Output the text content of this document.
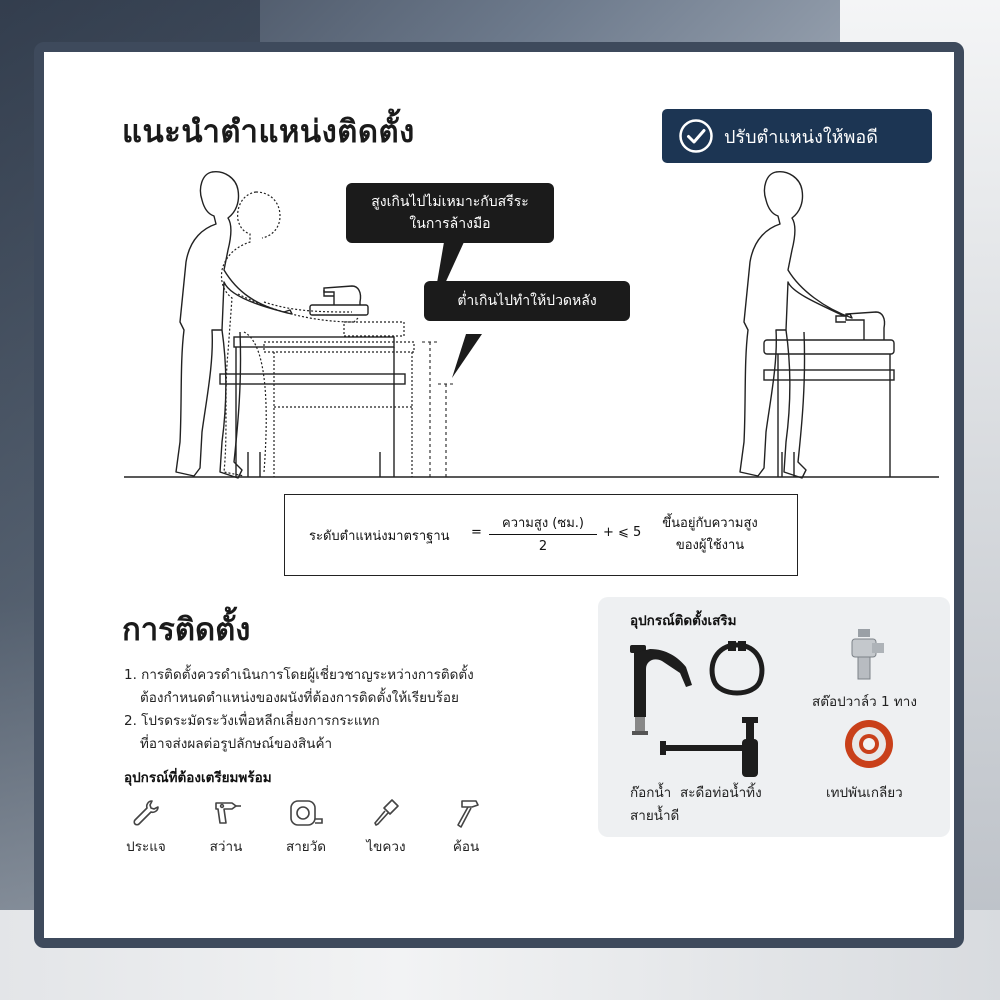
แนะนำตำแหน่งติดตั้ง	ปรับตำแหน่งให้พอดี
สูงเกินไปไม่เหมาะกับสรีระ
ในการล้างมือ
ต่ำเกินไปทำให้ปวดหลัง
ระดับตำแหน่งมาตราฐาน =
ความสูง (ซม.)
2
+ ⩽ 5
ขึ้นอยู่กับความสูง
ของผู้ใช้งาน
การติดตั้ง
1. การติดตั้งควรดำเนินการโดยผู้เชี่ยวชาญระหว่างการติดตั้ง
ต้องกำหนดตำแหน่งของผนังที่ต้องการติดตั้งให้เรียบร้อย
2. โปรดระมัดระวังเพื่อหลีกเลี่ยงการกระแทก
ที่อาจส่งผลต่อรูปลักษณ์ของสินค้า
อุปกรณ์ที่ต้องเตรียมพร้อม
ประแจ	สว่าน	สายวัด	ไขควง	ค้อน
อุปกรณ์ติดตั้งเสริม
ก๊อกน้ำ
สายน้ำดี
สะดือท่อน้ำทิ้ง
สต๊อปวาล์ว 1 ทาง
เทปพันเกลียว
